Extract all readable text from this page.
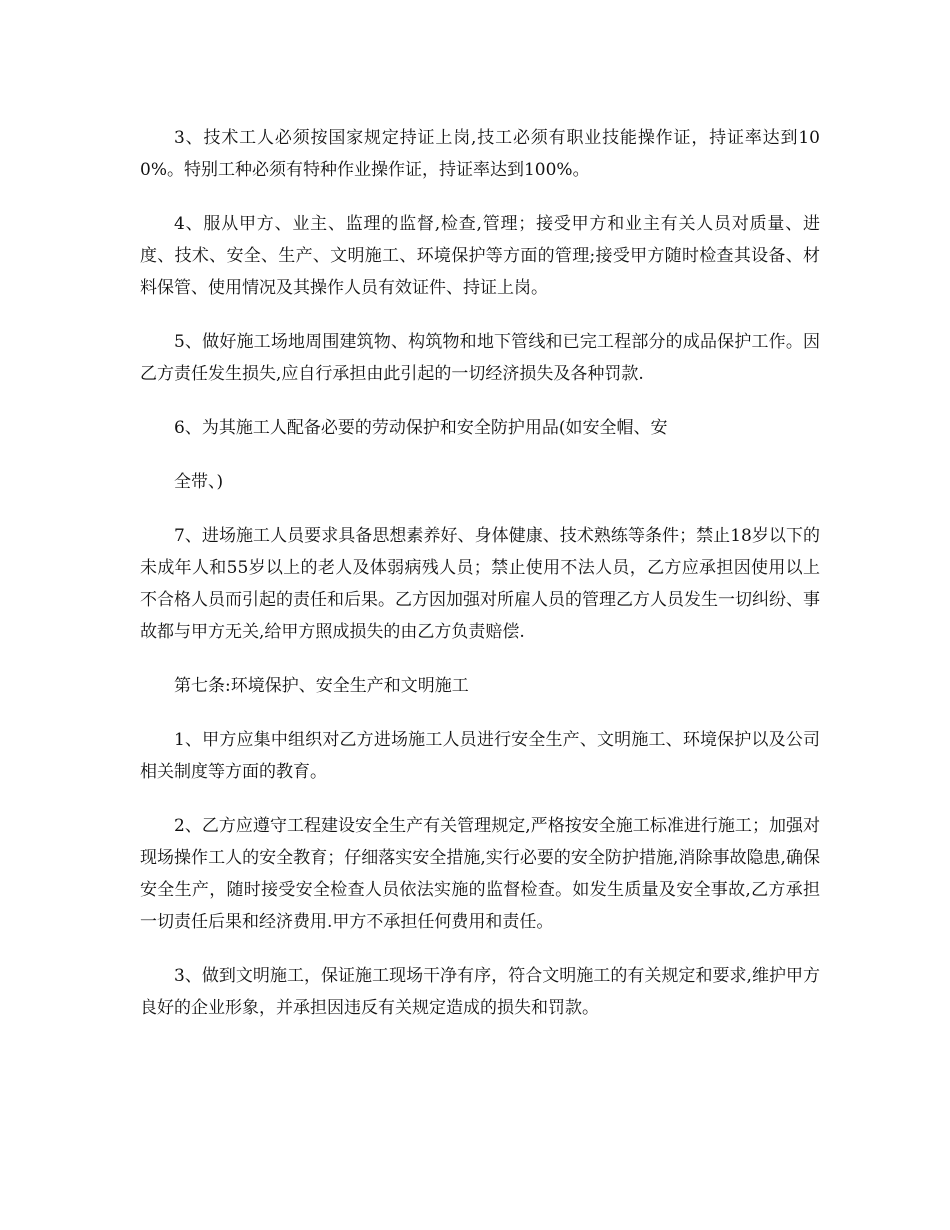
3、技术工人必须按国家规定持证上岗,技工必须有职业技能操作证，持证率达到100%。特别工种必须有特种作业操作证，持证率达到100%。

4、服从甲方、业主、监理的监督,检查,管理；接受甲方和业主有关人员对质量、进度、技术、安全、生产、文明施工、环境保护等方面的管理;接受甲方随时检查其设备、材料保管、使用情况及其操作人员有效证件、持证上岗。

5、做好施工场地周围建筑物、构筑物和地下管线和已完工程部分的成品保护工作。因乙方责任发生损失,应自行承担由此引起的一切经济损失及各种罚款.

6、为其施工人配备必要的劳动保护和安全防护用品(如安全帽、安

全带、)

7、进场施工人员要求具备思想素养好、身体健康、技术熟练等条件；禁止18岁以下的未成年人和55岁以上的老人及体弱病残人员；禁止使用不法人员，乙方应承担因使用以上不合格人员而引起的责任和后果。乙方因加强对所雇人员的管理乙方人员发生一切纠纷、事故都与甲方无关,给甲方照成损失的由乙方负责赔偿.

第七条:环境保护、安全生产和文明施工

1、甲方应集中组织对乙方进场施工人员进行安全生产、文明施工、环境保护以及公司相关制度等方面的教育。

2、乙方应遵守工程建设安全生产有关管理规定,严格按安全施工标准进行施工；加强对现场操作工人的安全教育；仔细落实安全措施,实行必要的安全防护措施,消除事故隐患,确保安全生产，随时接受安全检查人员依法实施的监督检查。如发生质量及安全事故,乙方承担一切责任后果和经济费用.甲方不承担任何费用和责任。

3、做到文明施工，保证施工现场干净有序，符合文明施工的有关规定和要求,维护甲方良好的企业形象，并承担因违反有关规定造成的损失和罚款。
